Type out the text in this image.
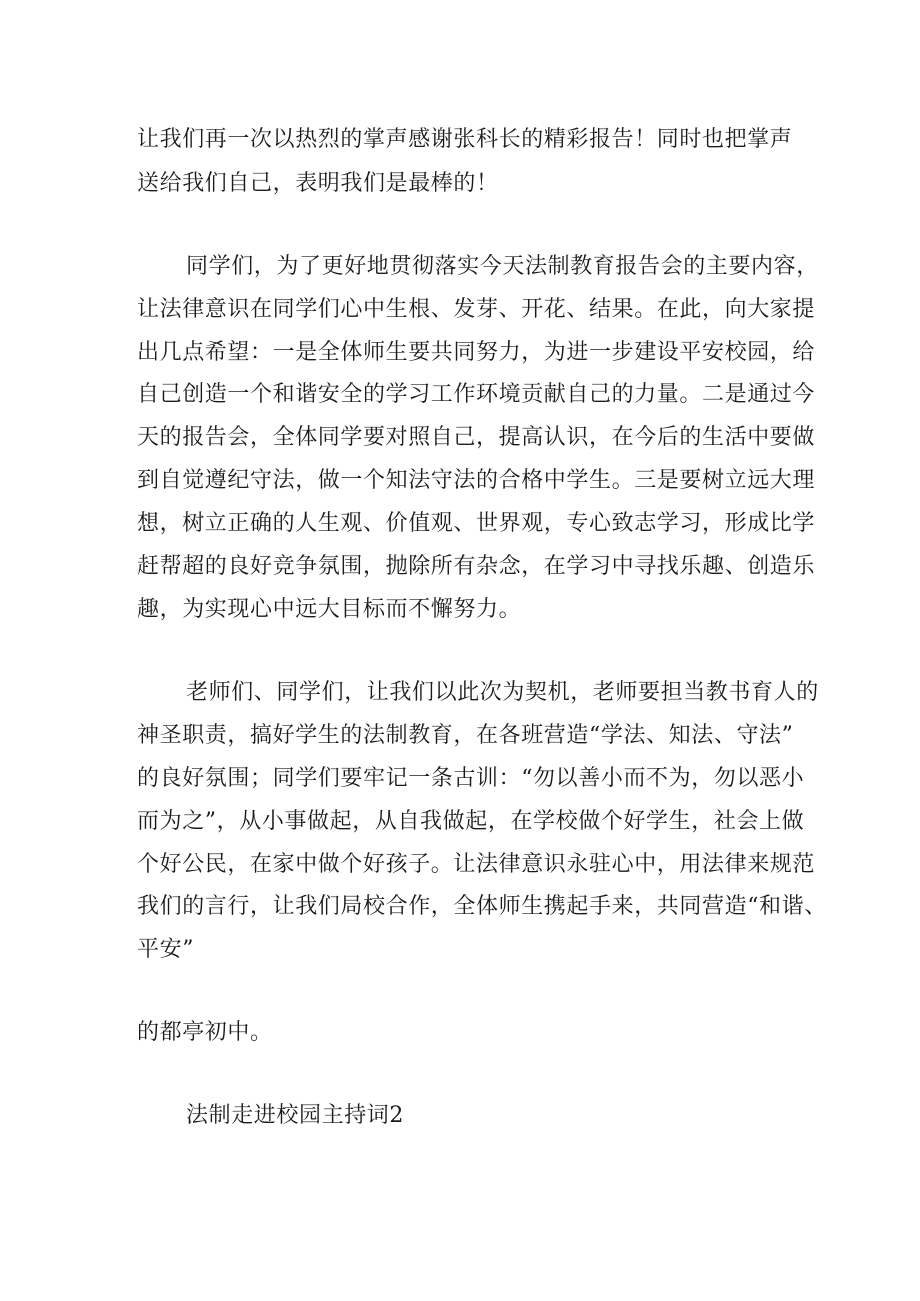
让我们再一次以热烈的掌声感谢张科长的精彩报告！同时也把掌声
送给我们自己，表明我们是最棒的！
同学们，为了更好地贯彻落实今天法制教育报告会的主要内容，
让法律意识在同学们心中生根、发芽、开花、结果。在此，向大家提
出几点希望：一是全体师生要共同努力，为进一步建设平安校园，给
自己创造一个和谐安全的学习工作环境贡献自己的力量。二是通过今
天的报告会，全体同学要对照自己，提高认识，在今后的生活中要做
到自觉遵纪守法，做一个知法守法的合格中学生。三是要树立远大理
想，树立正确的人生观、价值观、世界观，专心致志学习，形成比学
赶帮超的良好竞争氛围，抛除所有杂念，在学习中寻找乐趣、创造乐
趣，为实现心中远大目标而不懈努力。
老师们、同学们，让我们以此次为契机，老师要担当教书育人的
神圣职责，搞好学生的法制教育，在各班营造“学法、知法、守法”
的良好氛围；同学们要牢记一条古训：“勿以善小而不为，勿以恶小
而为之”，从小事做起，从自我做起，在学校做个好学生，社会上做
个好公民，在家中做个好孩子。让法律意识永驻心中，用法律来规范
我们的言行，让我们局校合作，全体师生携起手来，共同营造“和谐、
平安”
的都亭初中。
法制走进校园主持词2
